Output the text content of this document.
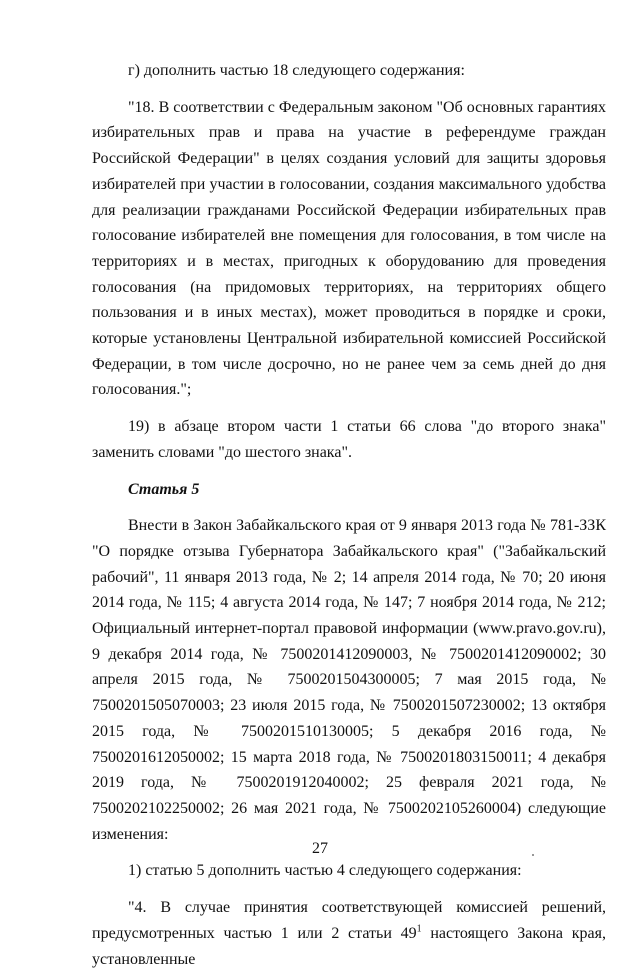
г) дополнить частью 18 следующего содержания:

"18. В соответствии с Федеральным законом "Об основных гарантиях избирательных прав и права на участие в референдуме граждан Российской Федерации" в целях создания условий для защиты здоровья избирателей при участии в голосовании, создания максимального удобства для реализации гражданами Российской Федерации избирательных прав голосование избирателей вне помещения для голосования, в том числе на территориях и в местах, пригодных к оборудованию для проведения голосования (на придомовых территориях, на территориях общего пользования и в иных местах), может проводиться в порядке и сроки, которые установлены Центральной избирательной комиссией Российской Федерации, в том числе досрочно, но не ранее чем за семь дней до дня голосования.";

19) в абзаце втором части 1 статьи 66 слова "до второго знака" заменить словами "до шестого знака".

Статья 5

Внести в Закон Забайкальского края от 9 января 2013 года № 781-ЗЗК "О порядке отзыва Губернатора Забайкальского края" ("Забайкальский рабочий", 11 января 2013 года, № 2; 14 апреля 2014 года, № 70; 20 июня 2014 года, № 115; 4 августа 2014 года, № 147; 7 ноября 2014 года, № 212; Официальный интернет-портал правовой информации (www.pravo.gov.ru), 9 декабря 2014 года, № 7500201412090003, № 7500201412090002; 30 апреля 2015 года, № 7500201504300005; 7 мая 2015 года, № 7500201505070003; 23 июля 2015 года, № 7500201507230002; 13 октября 2015 года, № 7500201510130005; 5 декабря 2016 года, № 7500201612050002; 15 марта 2018 года, № 7500201803150011; 4 декабря 2019 года, № 7500201912040002; 25 февраля 2021 года, № 7500202102250002; 26 мая 2021 года, № 7500202105260004) следующие изменения:

1) статью 5 дополнить частью 4 следующего содержания:

"4. В случае принятия соответствующей комиссией решений, предусмотренных частью 1 или 2 статьи $49^1$ настоящего Закона края, установленные

27
